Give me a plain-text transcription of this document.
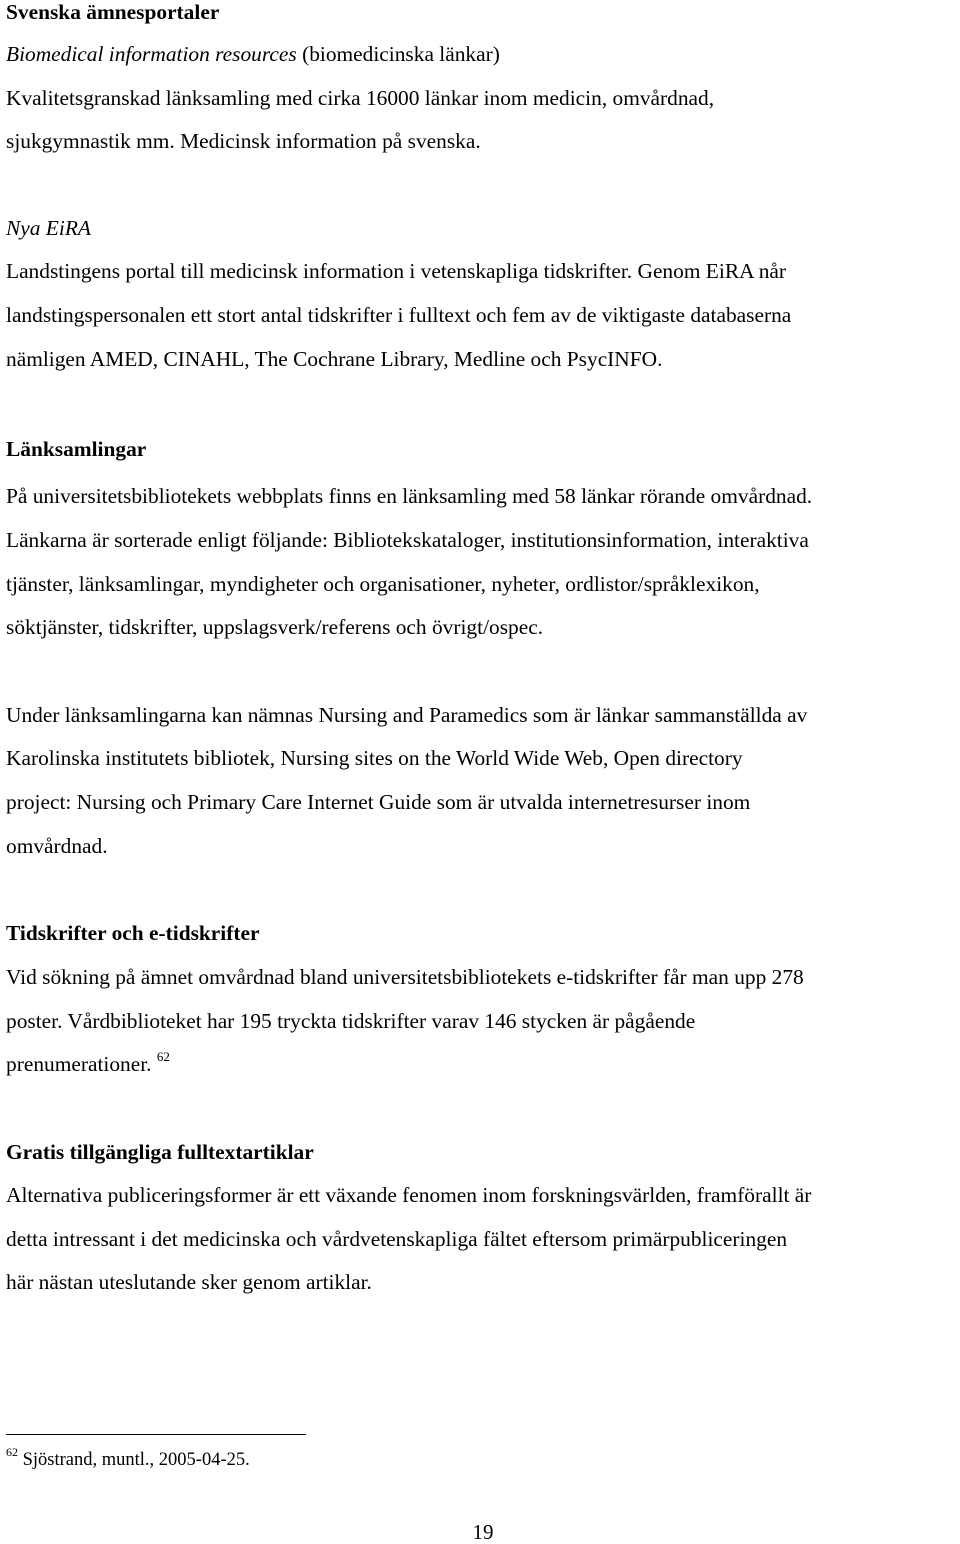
Svenska ämnesportaler
Biomedical information resources (biomedicinska länkar)
Kvalitetsgranskad länksamling med cirka 16000 länkar inom medicin, omvårdnad,
sjukgymnastik mm. Medicinsk information på svenska.
Nya EiRA
Landstingens portal till medicinsk information i vetenskapliga tidskrifter. Genom EiRA når
landstingspersonalen ett stort antal tidskrifter i fulltext och fem av de viktigaste databaserna
nämligen AMED, CINAHL, The Cochrane Library, Medline och PsycINFO.
Länksamlingar
På universitetsbibliotekets webbplats finns en länksamling med 58 länkar rörande omvårdnad.
Länkarna är sorterade enligt följande: Bibliotekskataloger, institutionsinformation, interaktiva
tjänster, länksamlingar, myndigheter och organisationer, nyheter, ordlistor/språklexikon,
söktjänster, tidskrifter, uppslagsverk/referens och övrigt/ospec.
Under länksamlingarna kan nämnas Nursing and Paramedics som är länkar sammanställda av
Karolinska institutets bibliotek, Nursing sites on the World Wide Web, Open directory
project: Nursing och Primary Care Internet Guide som är utvalda internetresurser inom
omvårdnad.
Tidskrifter och e-tidskrifter
Vid sökning på ämnet omvårdnad bland universitetsbibliotekets e-tidskrifter får man upp 278
poster. Vårdbiblioteket har 195 tryckta tidskrifter varav 146 stycken är pågående
prenumerationer. $^{62}$
Gratis tillgängliga fulltextartiklar
Alternativa publiceringsformer är ett växande fenomen inom forskningsvärlden, framförallt är
detta intressant i det medicinska och vårdvetenskapliga fältet eftersom primärpubliceringen
här nästan uteslutande sker genom artiklar.
$^{62}$ Sjöstrand, muntl., 2005-04-25.
19
